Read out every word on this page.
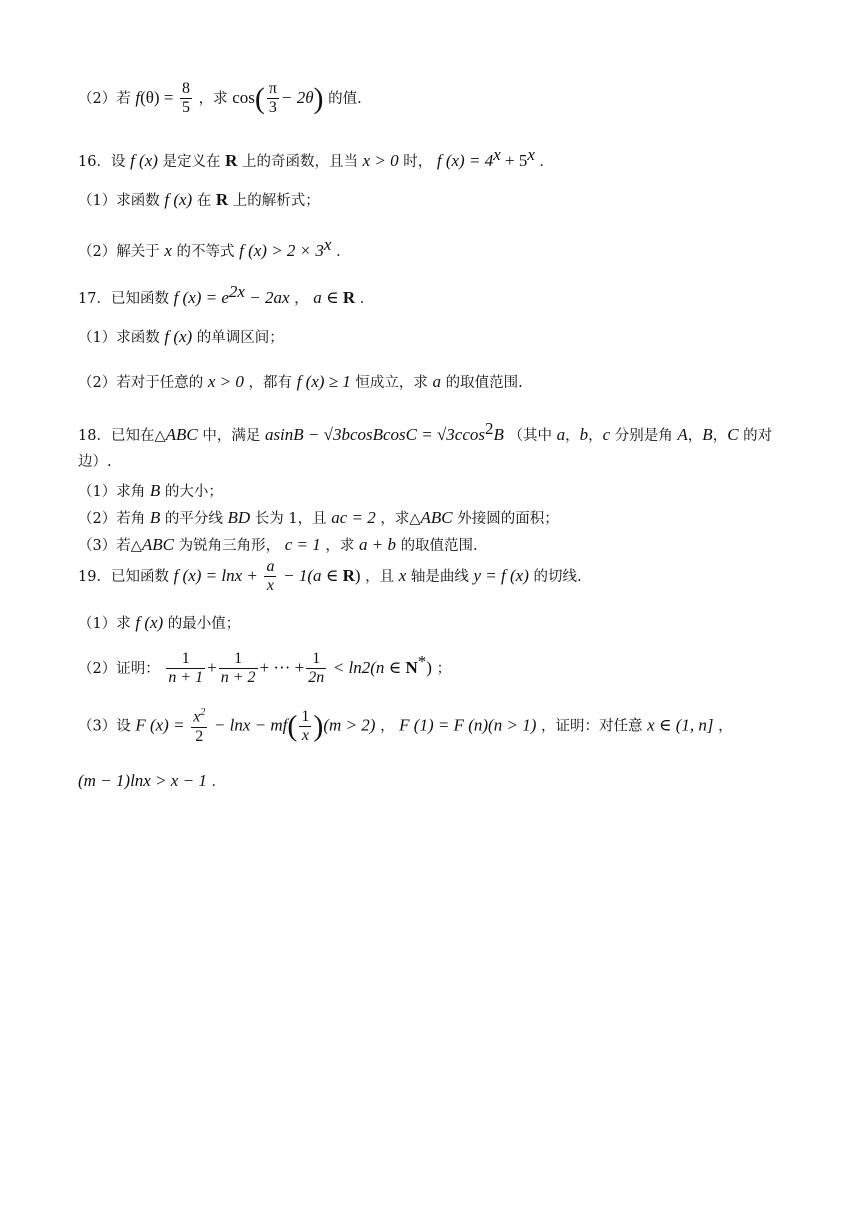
（2）若 $f(\theta) = \frac{8}{5}$ ，求 $\cos( \frac{\pi}{3} - 2\theta)$ 的值.
16．设 f (x) 是定义在 R 上的奇函数，且当 x > 0 时， f $(x) = 4^x + 5^x$ ．
（1）求函数 f (x) 在 R 上的解析式；
（2）解关于 x 的不等式 f $(x) > 2 \times 3^x$ ．
17．已知函数 f $(x) = e^{2x} - 2ax$ ， a ∈ R ．
（1）求函数 f (x) 的单调区间；
（2）若对于任意的 x > 0 ，都有 f (x) ≥ 1 恒成立，求 a 的取值范围.
18．已知在△ABC 中，满足 asinB − √3bcosBcosC = √3ccos$^2$B （其中 a，b，c 分别是角 A，B，C 的对
边）.
（1）求角 B 的大小；
（2）若角 B 的平分线 BD 长为 1，且 ac = 2 ，求△ABC 外接圆的面积；
（3）若△ABC 为锐角三角形， c = 1 ，求 a + b 的取值范围.
19．已知函数 f $(x) = \ln x + \frac{a}{x} - 1(a$ ∈ R) ，且 x 轴是曲线 y = f (x) 的切线.
（1）求 f (x) 的最小值；
（2）证明： $\frac{1}{n + 1} + \frac{1}{n + 2}$ + ··· + $\frac{1}{2n} < \ln 2(n$ ∈ N*) ；
（3）设 F $(x) = \frac{x^2}{2} - \ln x - mf( \frac{1}{x} )(m > 2)$ ， F (1) = F (n)(n > 1) ，证明：对任意 x ∈ (1, n] ，
(m − 1)lnx > x − 1 ．
